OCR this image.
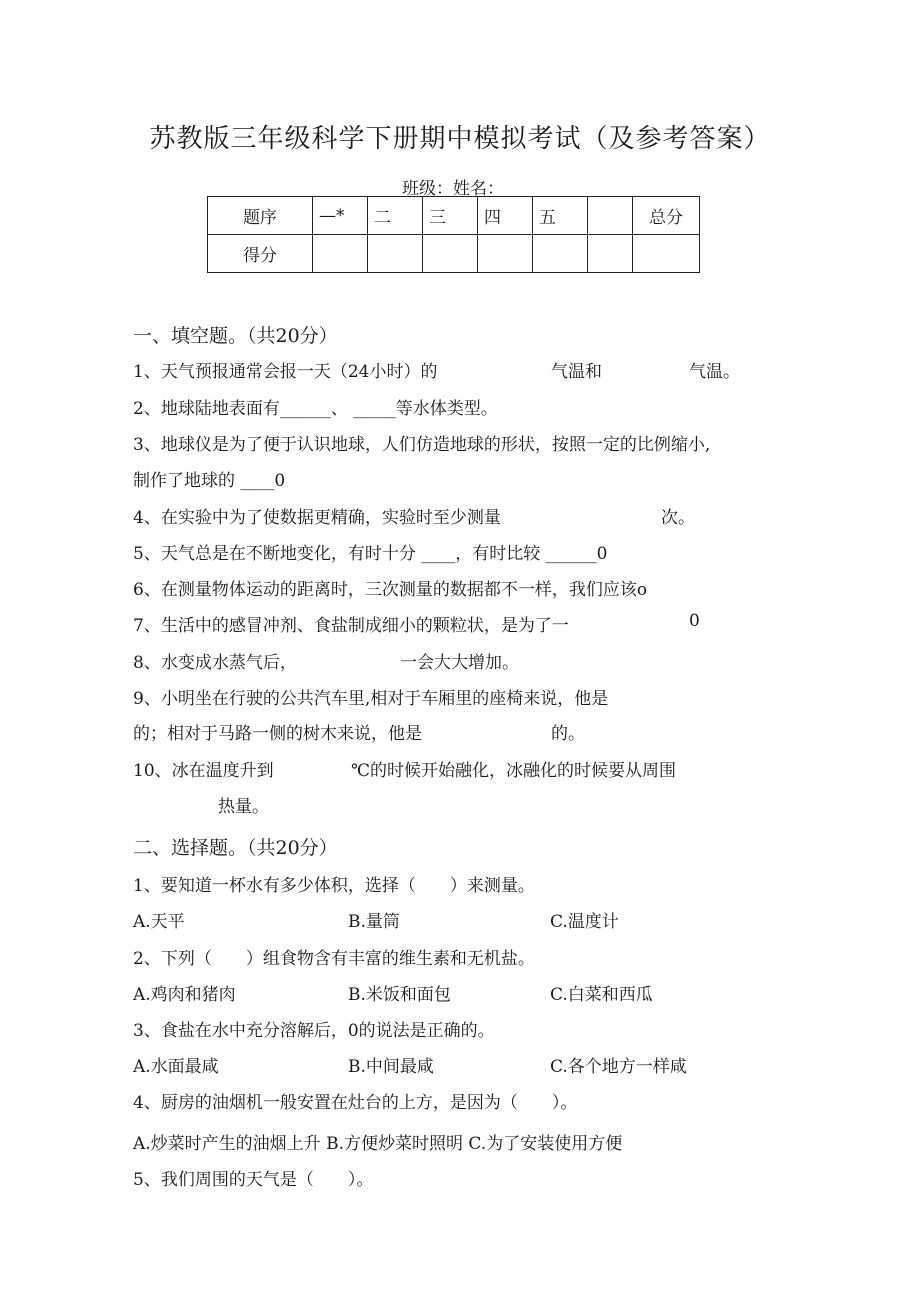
苏教版三年级科学下册期中模拟考试（及参考答案）
班级：姓名：
题序	—*	二	三	四	五		总分
得分							
一、填空题。（共20分）
1、天气预报通常会报一天（24小时）的	气温和	气温。
2、地球陆地表面有______、 _____等水体类型。
3、地球仪是为了便于认识地球，人们仿造地球的形状，按照一定的比例缩小,
制作了地球的 ____0
4、在实验中为了使数据更精确，实验时至少测量	次。
5、天气总是在不断地变化，有时十分 ____，有时比较 ______0
6、在测量物体运动的距离时，三次测量的数据都不一样，我们应该o
7、生活中的感冒冲剂、食盐制成细小的颗粒状，是为了一	0
8、水变成水蒸气后，	一会大大增加。
9、小明坐在行驶的公共汽车里,相对于车厢里的座椅来说，他是
的；相对于马路一侧的树木来说，他是	的。
10、冰在温度升到	℃的时候开始融化，冰融化的时候要从周围
热量。
二、选择题。（共20分）
1、要知道一杯水有多少体积，选择（　　）来测量。
A.天平	B.量筒	C.温度计
2、下列（　　）组食物含有丰富的维生素和无机盐。
A.鸡肉和猪肉	B.米饭和面包	C.白菜和西瓜
3、食盐在水中充分溶解后，0的说法是正确的。
A.水面最咸	B.中间最咸	C.各个地方一样咸
4、厨房的油烟机一般安置在灶台的上方，是因为（　　）。
A.炒菜时产生的油烟上升 B.方便炒菜时照明 C.为了安装使用方便
5、我们周围的天气是（　　）。
